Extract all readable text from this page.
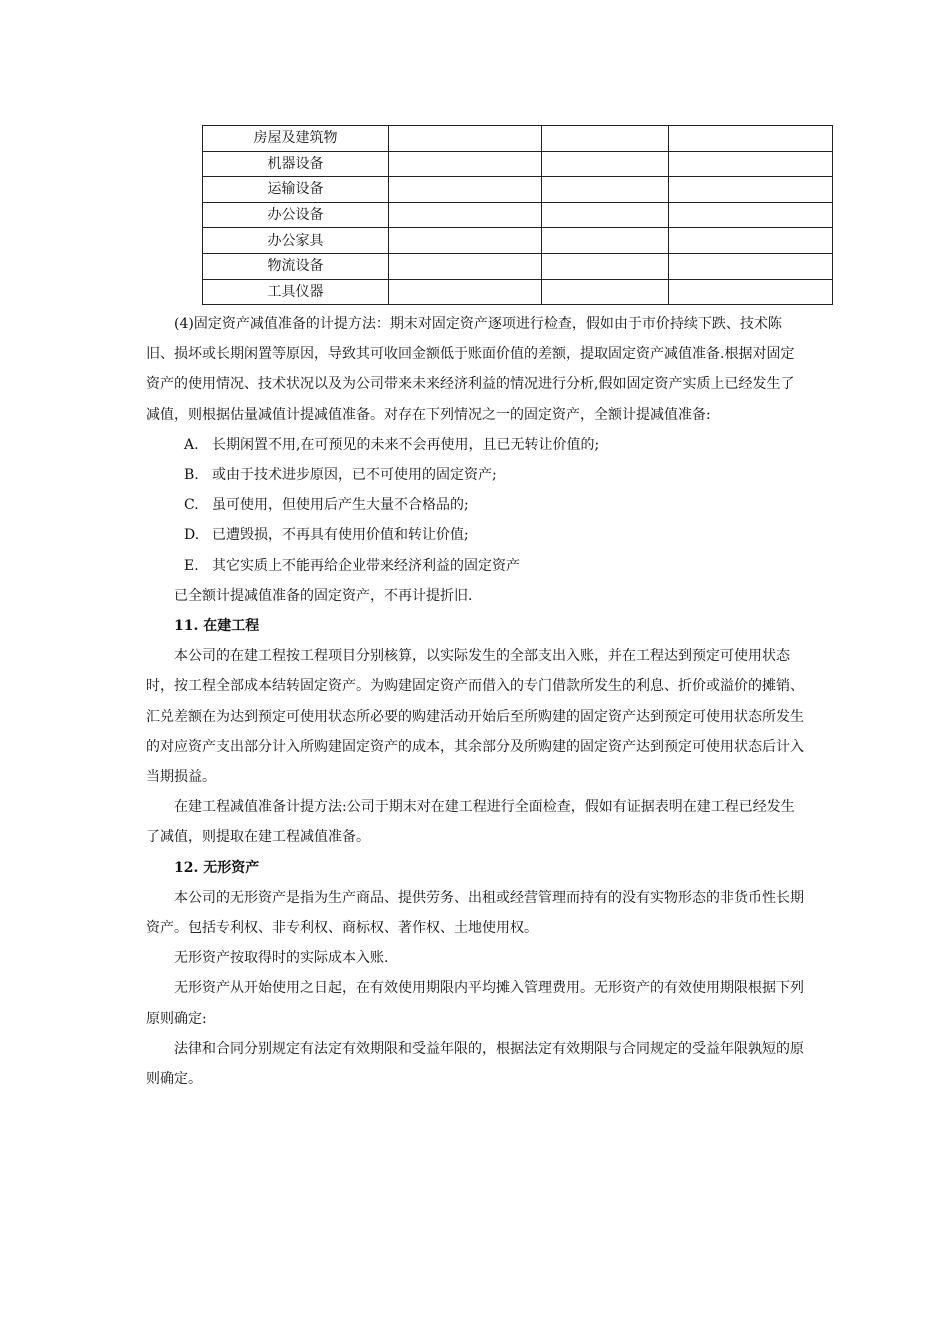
房屋及建筑物			
机器设备			
运输设备			
办公设备			
办公家具			
物流设备			
工具仪器			

(4)固定资产减值准备的计提方法：期末对固定资产逐项进行检查，假如由于市价持续下跌、技术陈旧、损坏或长期闲置等原因，导致其可收回金额低于账面价值的差额，提取固定资产减值准备.根据对固定资产的使用情况、技术状况以及为公司带来未来经济利益的情况进行分析,假如固定资产实质上已经发生了减值，则根据估量减值计提减值准备。对存在下列情况之一的固定资产，全额计提减值准备:

A. 长期闲置不用,在可预见的未来不会再使用，且已无转让价值的;

B. 或由于技术进步原因，已不可使用的固定资产;

C. 虽可使用，但使用后产生大量不合格品的;

D. 已遭毁损，不再具有使用价值和转让价值;

E. 其它实质上不能再给企业带来经济利益的固定资产

已全额计提减值准备的固定资产，不再计提折旧.

11. 在建工程

本公司的在建工程按工程项目分别核算，以实际发生的全部支出入账，并在工程达到预定可使用状态时，按工程全部成本结转固定资产。为购建固定资产而借入的专门借款所发生的利息、折价或溢价的摊销、汇兑差额在为达到预定可使用状态所必要的购建活动开始后至所购建的固定资产达到预定可使用状态所发生的对应资产支出部分计入所购建固定资产的成本，其余部分及所购建的固定资产达到预定可使用状态后计入当期损益。

在建工程减值准备计提方法:公司于期末对在建工程进行全面检查，假如有证据表明在建工程已经发生了减值，则提取在建工程减值准备。

12. 无形资产

本公司的无形资产是指为生产商品、提供劳务、出租或经营管理而持有的没有实物形态的非货币性长期资产。包括专利权、非专利权、商标权、著作权、土地使用权。

无形资产按取得时的实际成本入账.

无形资产从开始使用之日起，在有效使用期限内平均摊入管理费用。无形资产的有效使用期限根据下列原则确定:

法律和合同分别规定有法定有效期限和受益年限的，根据法定有效期限与合同规定的受益年限孰短的原则确定。
